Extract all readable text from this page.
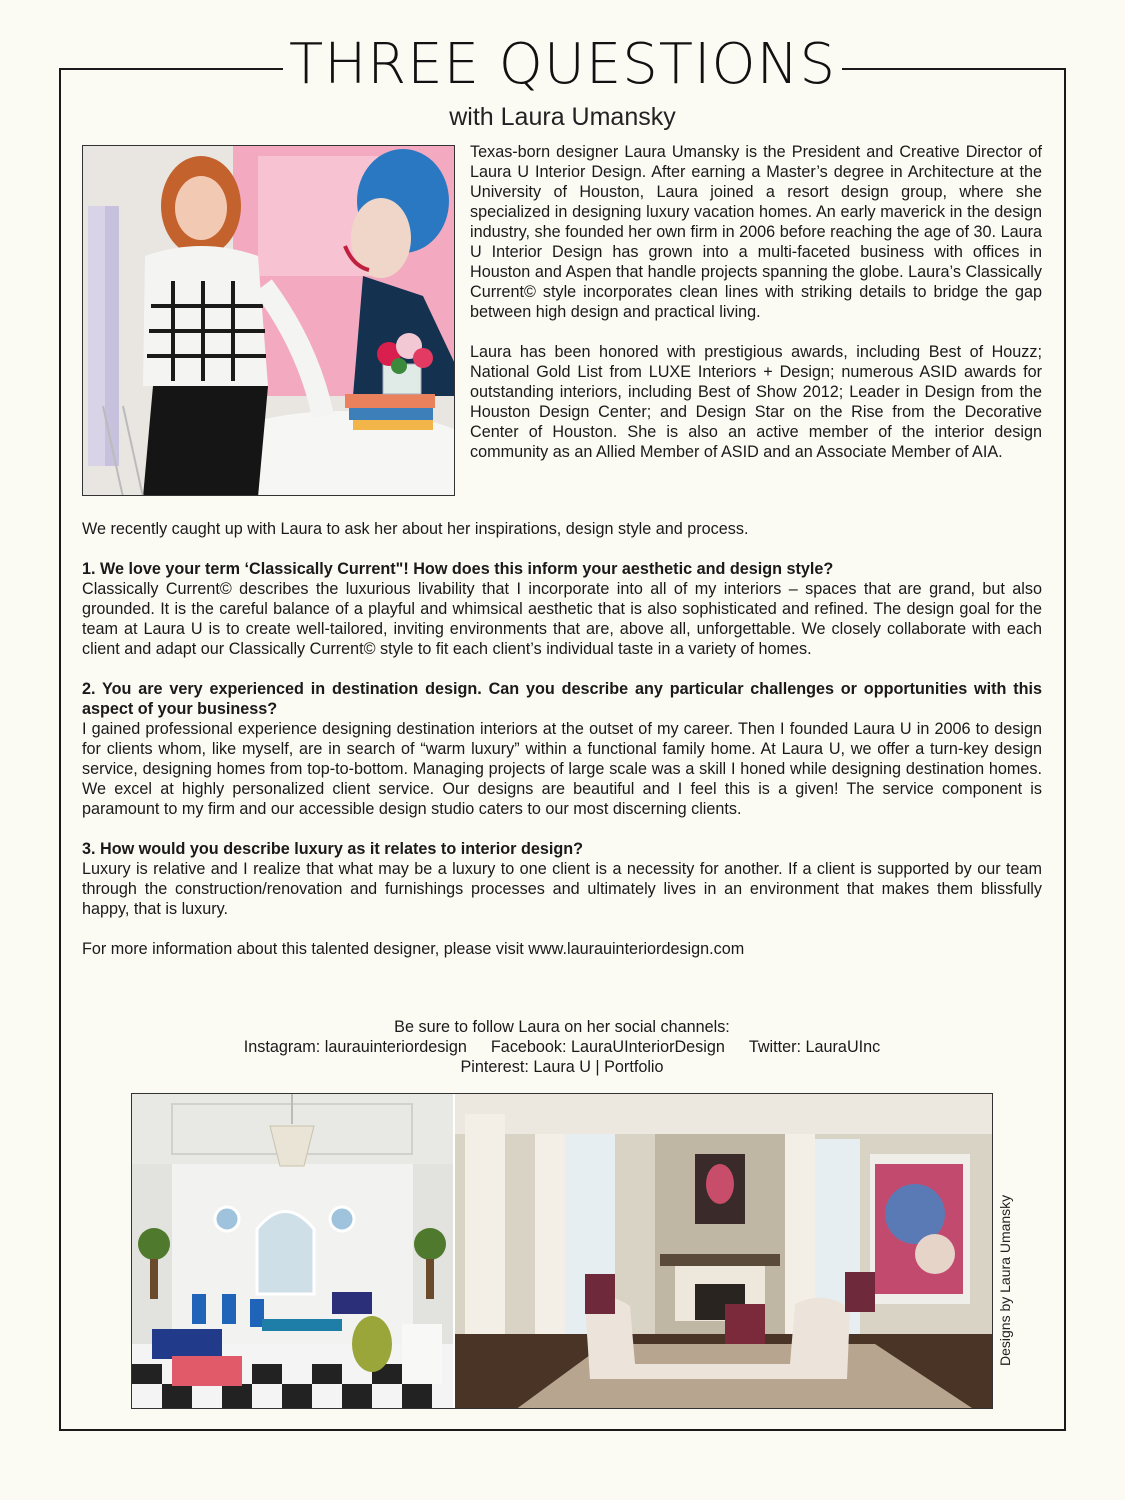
THREE QUESTIONS
with Laura Umansky

Texas-born designer Laura Umansky is the President and Creative Director of Laura U Interior Design. After earning a Master’s degree in Architecture at the University of Houston, Laura joined a resort design group, where she specialized in designing luxury vacation homes. An early maverick in the design industry, she founded her own firm in 2006 before reaching the age of 30. Laura U Interior Design has grown into a multi-faceted business with offices in Houston and Aspen that handle projects spanning the globe. Laura’s Classically Current© style incorporates clean lines with striking details to bridge the gap between high design and practical living.

Laura has been honored with prestigious awards, including Best of Houzz; National Gold List from LUXE Interiors + Design; numerous ASID awards for outstanding interiors, including Best of Show 2012; Leader in Design from the Houston Design Center; and Design Star on the Rise from the Decorative Center of Houston. She is also an active member of the interior design community as an Allied Member of ASID and an Associate Member of AIA.

We recently caught up with Laura to ask her about her inspirations, design style and process.

1. We love your term ‘Classically Current"! How does this inform your aesthetic and design style?
Classically Current© describes the luxurious livability that I incorporate into all of my interiors – spaces that are grand, but also grounded. It is the careful balance of a playful and whimsical aesthetic that is also sophisticated and refined. The design goal for the team at Laura U is to create well-tailored, inviting environments that are, above all, unforgettable. We closely collaborate with each client and adapt our Classically Current© style to fit each client’s individual taste in a variety of homes.

2. You are very experienced in destination design. Can you describe any particular challenges or opportunities with this aspect of your business?
I gained professional experience designing destination interiors at the outset of my career. Then I founded Laura U in 2006 to design for clients whom, like myself, are in search of “warm luxury” within a functional family home. At Laura U, we offer a turn-key design service, designing homes from top-to-bottom. Managing projects of large scale was a skill I honed while designing destination homes. We excel at highly personalized client service. Our designs are beautiful and I feel this is a given! The service component is paramount to my firm and our accessible design studio caters to our most discerning clients.

3. How would you describe luxury as it relates to interior design?
Luxury is relative and I realize that what may be a luxury to one client is a necessity for another. If a client is supported by our team through the construction/renovation and furnishings processes and ultimately lives in an environment that makes them blissfully happy, that is luxury.

For more information about this talented designer, please visit www.laurauinteriordesign.com

Be sure to follow Laura on her social channels:
Instagram: laurauinteriordesign Facebook: LauraUInteriorDesign Twitter: LauraUInc
Pinterest: Laura U | Portfolio
Designs by Laura Umansky
